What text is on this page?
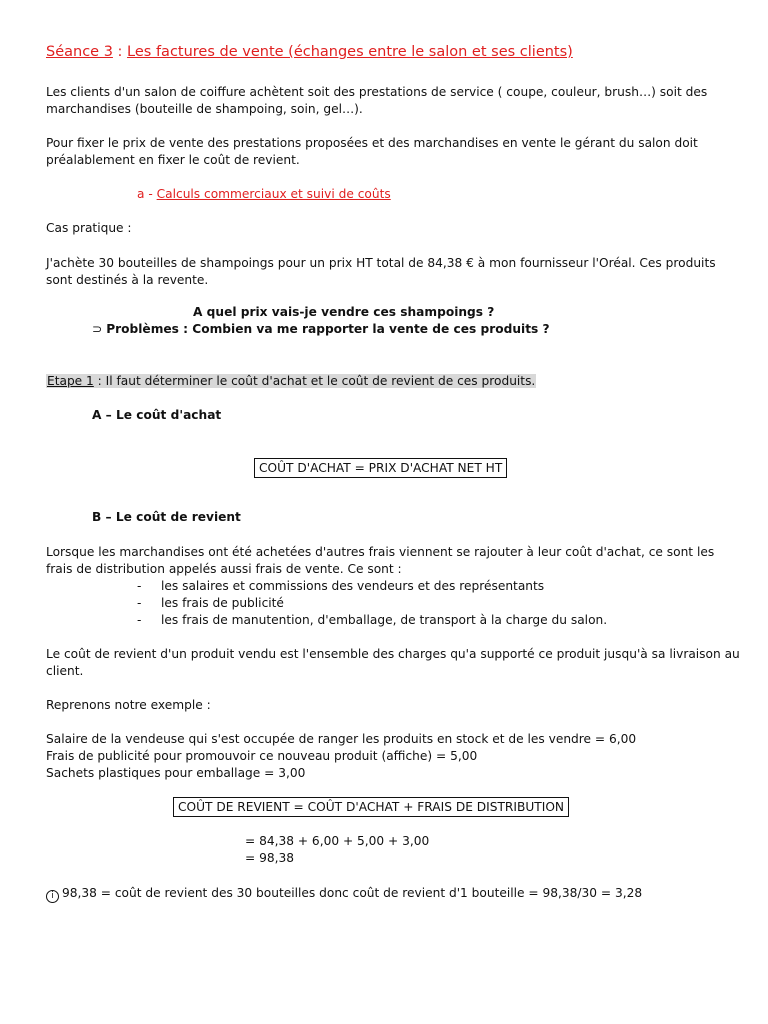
Séance 3 : Les factures de vente (échanges entre le salon et ses clients)
Les clients d'un salon de coiffure achètent soit des prestations de service ( coupe, couleur, brush…) soit des
marchandises (bouteille de shampoing, soin, gel…).
Pour fixer le prix de vente des prestations proposées et des marchandises en vente le gérant du salon doit
préalablement en fixer le coût de revient.
a - Calculs commerciaux et suivi de coûts
Cas pratique :
J'achète 30 bouteilles de shampoings pour un prix HT total de 84,38 € à mon fournisseur l'Oréal. Ces produits
sont destinés à la revente.
A quel prix vais-je vendre ces shampoings ?
⊃ Problèmes : Combien va me rapporter la vente de ces produits ?
Etape 1 : Il faut déterminer le coût d'achat et le coût de revient de ces produits.
A – Le coût d'achat
COÛT D'ACHAT = PRIX D'ACHAT NET HT
B – Le coût de revient
Lorsque les marchandises ont été achetées d'autres frais viennent se rajouter à leur coût d'achat, ce sont les
frais de distribution appelés aussi frais de vente. Ce sont :
- les salaires et commissions des vendeurs et des représentants
- les frais de publicité
- les frais de manutention, d'emballage, de transport à la charge du salon.
Le coût de revient d'un produit vendu est l'ensemble des charges qu'a supporté ce produit jusqu'à sa livraison au
client.
Reprenons notre exemple :
Salaire de la vendeuse qui s'est occupée de ranger les produits en stock et de les vendre = 6,00
Frais de publicité pour promouvoir ce nouveau produit (affiche) = 5,00
Sachets plastiques pour emballage = 3,00
COÛT DE REVIENT = COÛT D'ACHAT + FRAIS DE DISTRIBUTION
= 84,38 + 6,00 + 5,00 + 3,00
= 98,38
i 98,38 = coût de revient des 30 bouteilles donc coût de revient d'1 bouteille = 98,38/30 = 3,28
